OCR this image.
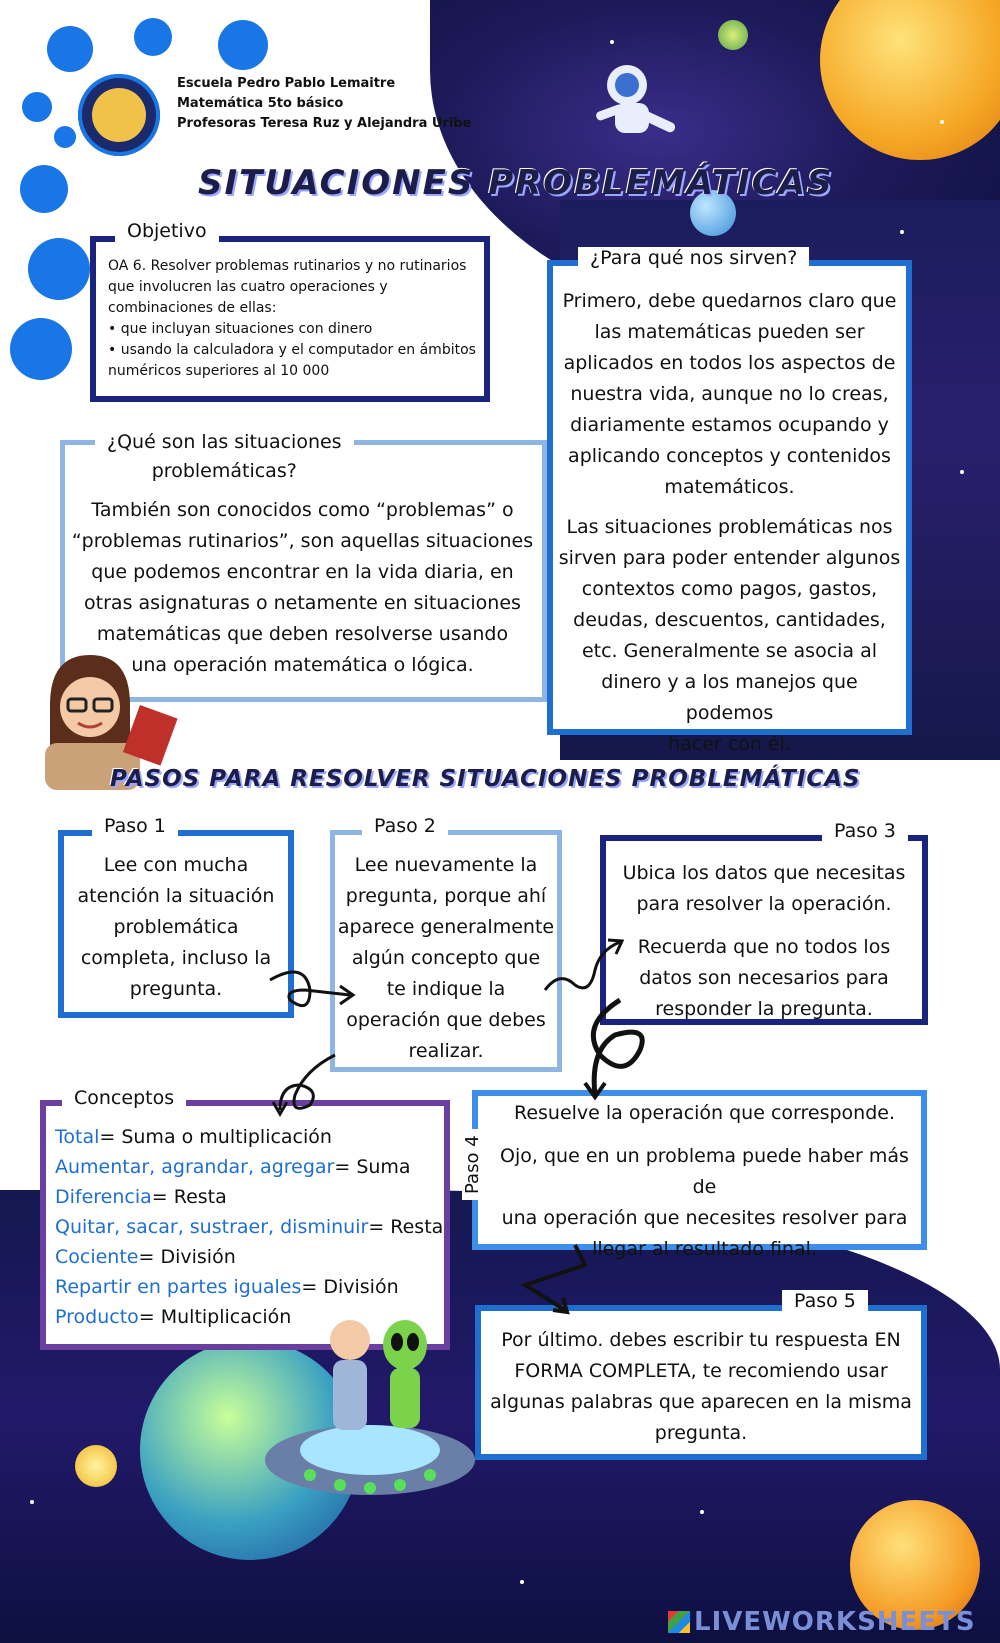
Escuela Pedro Pablo Lemaitre
Matemática 5to básico
Profesoras Teresa Ruz y Alejandra Uribe
SITUACIONES PROBLEMÁTICAS
Objetivo
OA 6. Resolver problemas rutinarios y no rutinarios
que involucren las cuatro operaciones y
combinaciones de ellas:
• que incluyan situaciones con dinero
• usando la calculadora y el computador en ámbitos
numéricos superiores al 10 000
¿Qué son las situaciones
problemáticas?
También son conocidos como “problemas” o
“problemas rutinarios”, son aquellas situaciones
que podemos encontrar en la vida diaria, en
otras asignaturas o netamente en situaciones
matemáticas que deben resolverse usando
una operación matemática o lógica.
¿Para qué nos sirven?
Primero, debe quedarnos claro que
las matemáticas pueden ser
aplicados en todos los aspectos de
nuestra vida, aunque no lo creas,
diariamente estamos ocupando y
aplicando conceptos y contenidos
matemáticos.
Las situaciones problemáticas nos
sirven para poder entender algunos
contextos como pagos, gastos,
deudas, descuentos, cantidades,
etc. Generalmente se asocia al
dinero y a los manejos que podemos
hacer con él.
PASOS PARA RESOLVER SITUACIONES PROBLEMÁTICAS
Paso 1
Lee con mucha
atención la situación
problemática
completa, incluso la
pregunta.
Paso 2
Lee nuevamente la
pregunta, porque ahí
aparece generalmente
algún concepto que
te indique la
operación que debes
realizar.
Paso 3
Ubica los datos que necesitas
para resolver la operación.
Recuerda que no todos los
datos son necesarios para
responder la pregunta.
Conceptos
Total= Suma o multiplicación
Aumentar, agrandar, agregar= Suma
Diferencia= Resta
Quitar, sacar, sustraer, disminuir= Resta
Cociente= División
Repartir en partes iguales= División
Producto= Multiplicación
Paso 4
Resuelve la operación que corresponde.
Ojo, que en un problema puede haber más de
una operación que necesites resolver para
llegar al resultado final.
Paso 5
Por último. debes escribir tu respuesta EN
FORMA COMPLETA, te recomiendo usar
algunas palabras que aparecen en la misma
pregunta.
LIVEWORKSHEETS
